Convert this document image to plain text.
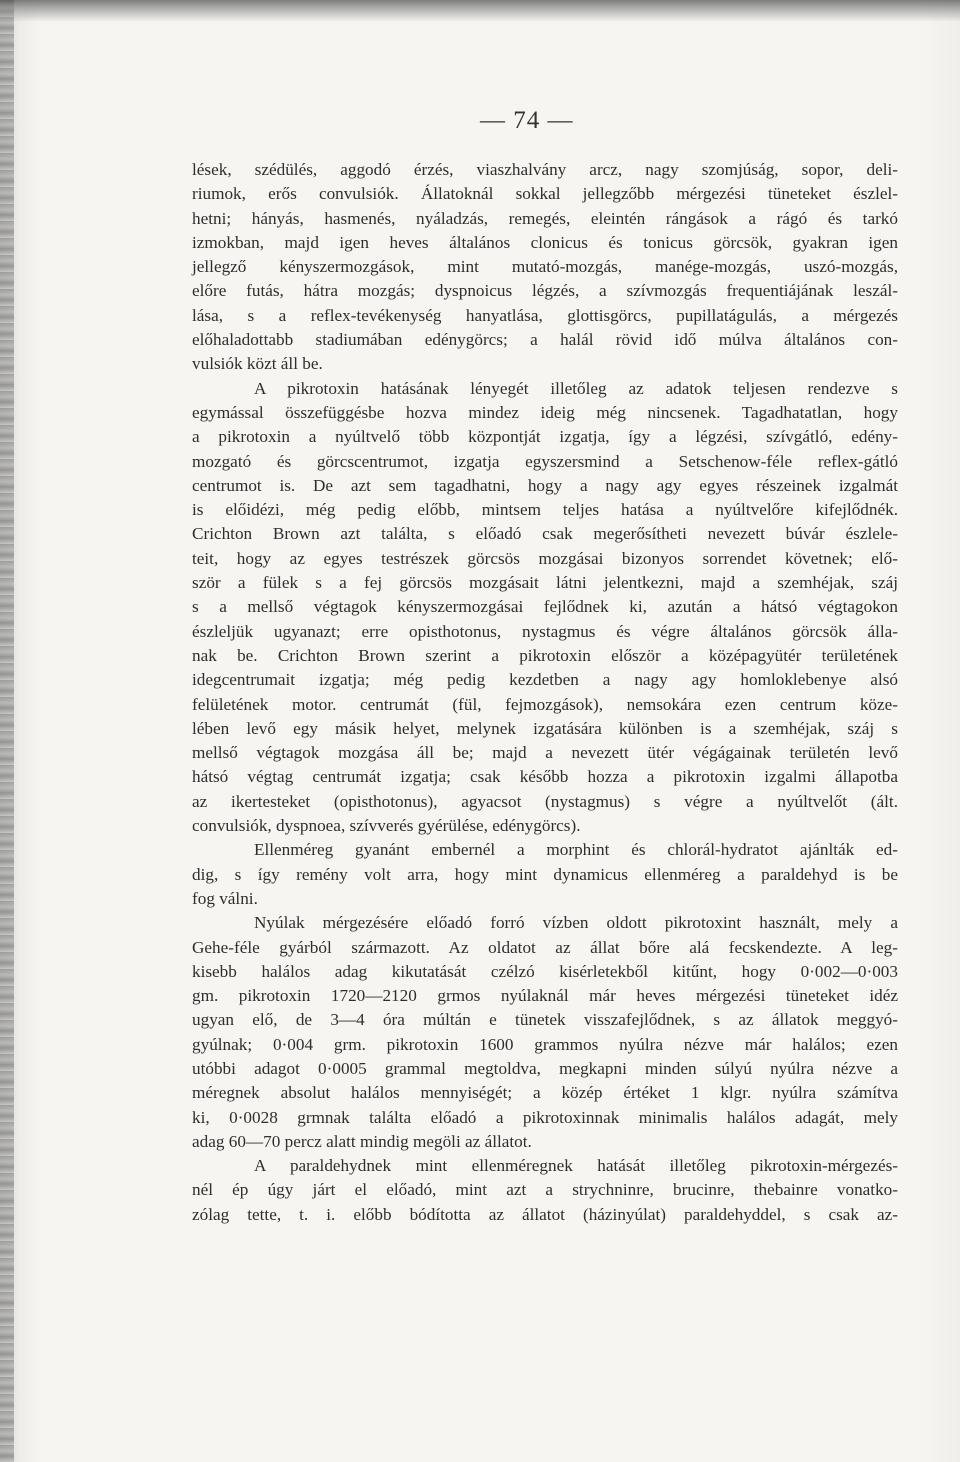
— 74 —
lések, szédülés, aggodó érzés, viaszhalvány arcz, nagy szomjúság, sopor, deli-
riumok, erős convulsiók. Állatoknál sokkal jellegzőbb mérgezési tüneteket észlel-
hetni; hányás, hasmenés, nyáladzás, remegés, eleintén rángások a rágó és tarkó
izmokban, majd igen heves általános clonicus és tonicus görcsök, gyakran igen
jellegző kényszermozgások, mint mutató-mozgás, manége-mozgás, uszó-mozgás,
előre futás, hátra mozgás; dyspnoicus légzés, a szívmozgás frequentiájának leszál-
lása, s a reflex-tevékenység hanyatlása, glottisgörcs, pupillatágulás, a mérgezés
előhaladottabb stadiumában edénygörcs; a halál rövid idő múlva általános con-
vulsiók közt áll be.
A pikrotoxin hatásának lényegét illetőleg az adatok teljesen rendezve s
egymással összefüggésbe hozva mindez ideig még nincsenek. Tagadhatatlan, hogy
a pikrotoxin a nyúltvelő több központját izgatja, így a légzési, szívgátló, edény-
mozgató és görcscentrumot, izgatja egyszersmind a Setschenow-féle reflex-gátló
centrumot is. De azt sem tagadhatni, hogy a nagy agy egyes részeinek izgalmát
is előidézi, még pedig előbb, mintsem teljes hatása a nyúltvelőre kifejlődnék.
Crichton Brown azt találta, s előadó csak megerősítheti nevezett búvár észlele-
teit, hogy az egyes testrészek görcsös mozgásai bizonyos sorrendet követnek; elő-
ször a fülek s a fej görcsös mozgásait látni jelentkezni, majd a szemhéjak, száj
s a mellső végtagok kényszermozgásai fejlődnek ki, azután a hátsó végtagokon
észleljük ugyanazt; erre opisthotonus, nystagmus és végre általános görcsök álla-
nak be. Crichton Brown szerint a pikrotoxin először a középagyütér területének
idegcentrumait izgatja; még pedig kezdetben a nagy agy homloklebenye alsó
felületének motor. centrumát (fül, fejmozgások), nemsokára ezen centrum köze-
lében levő egy másik helyet, melynek izgatására különben is a szemhéjak, száj s
mellső végtagok mozgása áll be; majd a nevezett ütér végágainak területén levő
hátsó végtag centrumát izgatja; csak később hozza a pikrotoxin izgalmi állapotba
az ikertesteket (opisthotonus), agyacsot (nystagmus) s végre a nyúltvelőt (ált.
convulsiók, dyspnoea, szívverés gyérülése, edénygörcs).
Ellenméreg gyanánt embernél a morphint és chlorál-hydratot ajánlták ed-
dig, s így remény volt arra, hogy mint dynamicus ellenméreg a paraldehyd is be
fog válni.
Nyúlak mérgezésére előadó forró vízben oldott pikrotoxint használt, mely a
Gehe-féle gyárból származott. Az oldatot az állat bőre alá fecskendezte. A leg-
kisebb halálos adag kikutatását czélzó kisérletekből kitűnt, hogy 0·002—0·003
gm. pikrotoxin 1720—2120 grmos nyúlaknál már heves mérgezési tüneteket idéz
ugyan elő, de 3—4 óra múltán e tünetek visszafejlődnek, s az állatok meggyó-
gyúlnak; 0·004 grm. pikrotoxin 1600 grammos nyúlra nézve már halálos; ezen
utóbbi adagot 0·0005 grammal megtoldva, megkapni minden súlyú nyúlra nézve a
méregnek absolut halálos mennyiségét; a közép értéket 1 klgr. nyúlra számítva
ki, 0·0028 grmnak találta előadó a pikrotoxinnak minimalis halálos adagát, mely
adag 60—70 percz alatt mindig megöli az állatot.
A paraldehydnek mint ellenméregnek hatását illetőleg pikrotoxin-mérgezés-
nél ép úgy járt el előadó, mint azt a strychninre, brucinre, thebainre vonatko-
zólag tette, t. i. előbb bódította az állatot (házinyúlat) paraldehyddel, s csak az-
